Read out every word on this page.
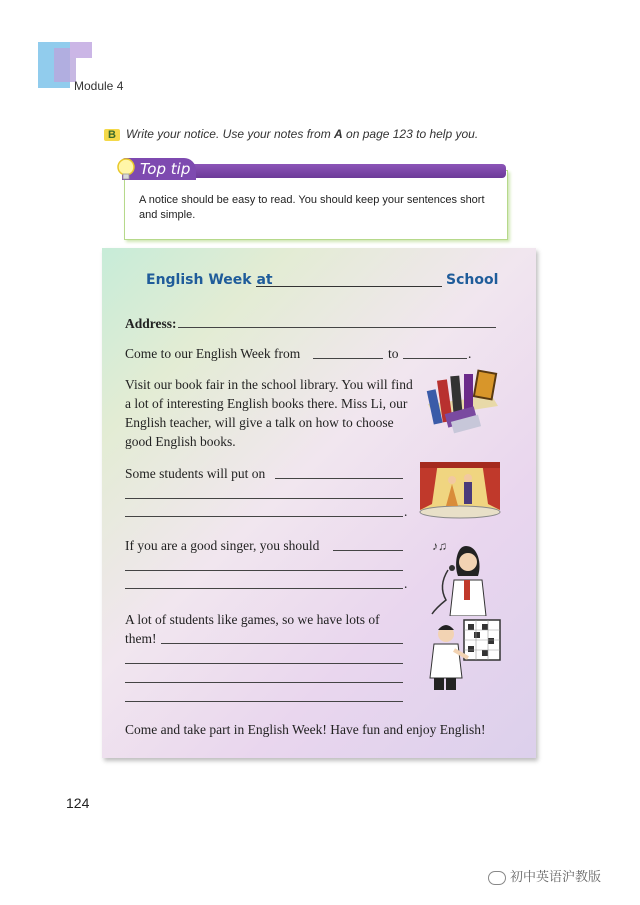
Module 4
B Write your notice. Use your notes from A on page 123 to help you.
A notice should be easy to read. You should keep your sentences short and simple.
Top tip
English Week at	School
Address:
Come to our English Week from	to	.
Visit our book fair in the school library. You will find a lot of interesting English books there. Miss Li, our English teacher, will give a talk on how to choose good English books.
Some students will put on
.
If you are a good singer, you should
.
♪♫
A lot of students like games, so we have lots of
them!
Come and take part in English Week! Have fun and enjoy English!
124
初中英语沪教版
